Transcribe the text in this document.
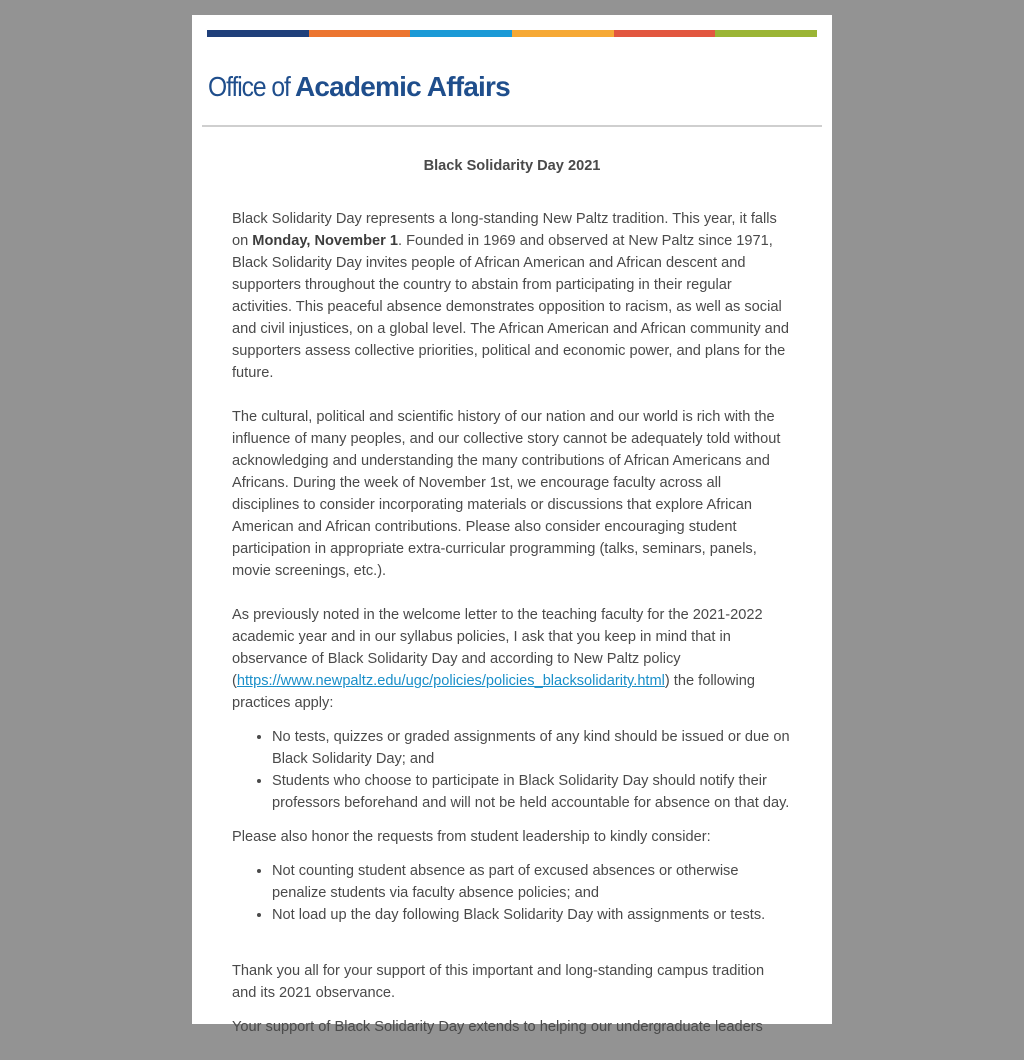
Office of Academic Affairs
Black Solidarity Day 2021

Black Solidarity Day represents a long-standing New Paltz tradition. This year, it falls on Monday, November 1. Founded in 1969 and observed at New Paltz since 1971, Black Solidarity Day invites people of African American and African descent and supporters throughout the country to abstain from participating in their regular activities. This peaceful absence demonstrates opposition to racism, as well as social and civil injustices, on a global level. The African American and African community and supporters assess collective priorities, political and economic power, and plans for the future.

The cultural, political and scientific history of our nation and our world is rich with the influence of many peoples, and our collective story cannot be adequately told without acknowledging and understanding the many contributions of African Americans and Africans. During the week of November 1st, we encourage faculty across all disciplines to consider incorporating materials or discussions that explore African American and African contributions. Please also consider encouraging student participation in appropriate extra-curricular programming (talks, seminars, panels, movie screenings, etc.).

As previously noted in the welcome letter to the teaching faculty for the 2021-2022 academic year and in our syllabus policies, I ask that you keep in mind that in observance of Black Solidarity Day and according to New Paltz policy (https://www.newpaltz.edu/ugc/policies/policies_blacksolidarity.html) the following practices apply:

• No tests, quizzes or graded assignments of any kind should be issued or due on Black Solidarity Day; and
• Students who choose to participate in Black Solidarity Day should notify their professors beforehand and will not be held accountable for absence on that day.

Please also honor the requests from student leadership to kindly consider:

• Not counting student absence as part of excused absences or otherwise penalize students via faculty absence policies; and
• Not load up the day following Black Solidarity Day with assignments or tests.

Thank you all for your support of this important and long-standing campus tradition and its 2021 observance.

Your support of Black Solidarity Day extends to helping our undergraduate leaders
